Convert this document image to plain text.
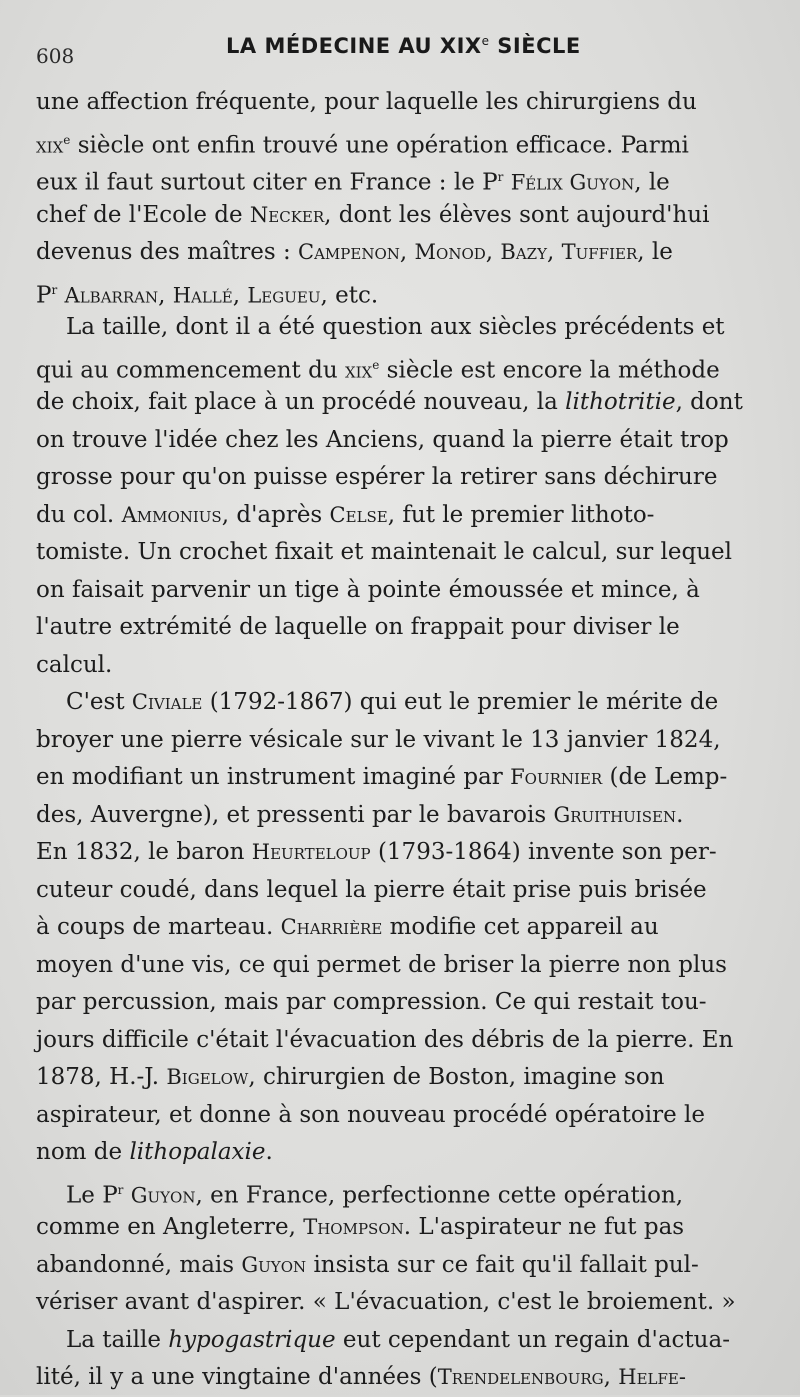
608	LA MÉDECINE AU XIXe SIÈCLE
une affection fréquente, pour laquelle les chirurgiens du
xix$^e$ siècle ont enfin trouvé une opération efficace. Parmi
eux il faut surtout citer en France : le $P^r$ Félix Guyon, le
chef de l'Ecole de Necker, dont les élèves sont aujourd'hui
devenus des maîtres : Campenon, Monod, Bazy, Tuffier, le
$P^r$ Albarran, Hallé, Legueu, etc.
La taille, dont il a été question aux siècles précédents et
qui au commencement du xix$^e$ siècle est encore la méthode
de choix, fait place à un procédé nouveau, la lithotritie, dont
on trouve l'idée chez les Anciens, quand la pierre était trop
grosse pour qu'on puisse espérer la retirer sans déchirure
du col. Ammonius, d'après Celse, fut le premier lithoto-
tomiste. Un crochet fixait et maintenait le calcul, sur lequel
on faisait parvenir un tige à pointe émoussée et mince, à
l'autre extrémité de laquelle on frappait pour diviser le
calcul.
C'est Civiale (1792-1867) qui eut le premier le mérite de
broyer une pierre vésicale sur le vivant le 13 janvier 1824,
en modifiant un instrument imaginé par Fournier (de Lemp-
des, Auvergne), et pressenti par le bavarois Gruithuisen.
En 1832, le baron Heurteloup (1793-1864) invente son per-
cuteur coudé, dans lequel la pierre était prise puis brisée
à coups de marteau. Charrière modifie cet appareil au
moyen d'une vis, ce qui permet de briser la pierre non plus
par percussion, mais par compression. Ce qui restait tou-
jours difficile c'était l'évacuation des débris de la pierre. En
1878, H.-J. Bigelow, chirurgien de Boston, imagine son
aspirateur, et donne à son nouveau procédé opératoire le
nom de lithopalaxie.
Le $P^r$ Guyon, en France, perfectionne cette opération,
comme en Angleterre, Thompson. L'aspirateur ne fut pas
abandonné, mais Guyon insista sur ce fait qu'il fallait pul-
vériser avant d'aspirer. « L'évacuation, c'est le broiement. »
La taille hypogastrique eut cependant un regain d'actua-
lité, il y a une vingtaine d'années (Trendelenbourg, Helfe-
